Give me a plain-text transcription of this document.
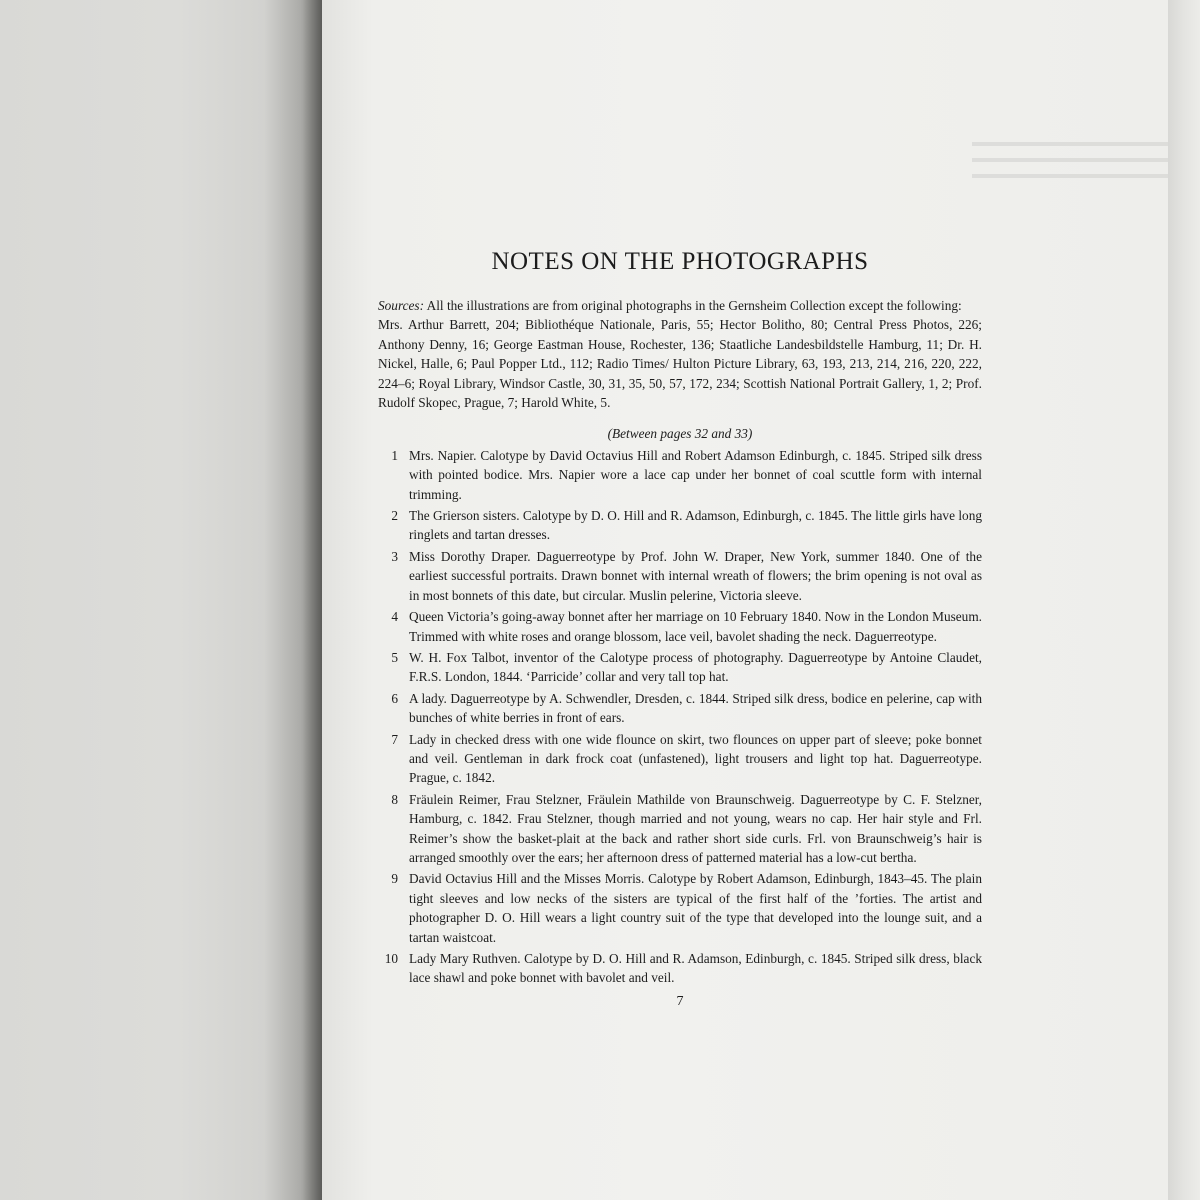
NOTES ON THE PHOTOGRAPHS

Sources: All the illustrations are from original photographs in the Gernsheim Collection except the following:
Mrs. Arthur Barrett, 204; Bibliothéque Nationale, Paris, 55; Hector Bolitho, 80; Central Press Photos, 226; Anthony Denny, 16; George Eastman House, Rochester, 136; Staatliche Landesbildstelle Hamburg, 11; Dr. H. Nickel, Halle, 6; Paul Popper Ltd., 112; Radio Times/ Hulton Picture Library, 63, 193, 213, 214, 216, 220, 222, 224–6; Royal Library, Windsor Castle, 30, 31, 35, 50, 57, 172, 234; Scottish National Portrait Gallery, 1, 2; Prof. Rudolf Skopec, Prague, 7; Harold White, 5.

(Between pages 32 and 33)

1 Mrs. Napier. Calotype by David Octavius Hill and Robert Adamson Edinburgh, c. 1845. Striped silk dress with pointed bodice. Mrs. Napier wore a lace cap under her bonnet of coal scuttle form with internal trimming.
2 The Grierson sisters. Calotype by D. O. Hill and R. Adamson, Edinburgh, c. 1845. The little girls have long ringlets and tartan dresses.
3 Miss Dorothy Draper. Daguerreotype by Prof. John W. Draper, New York, summer 1840. One of the earliest successful portraits. Drawn bonnet with internal wreath of flowers; the brim opening is not oval as in most bonnets of this date, but circular. Muslin pelerine, Victoria sleeve.
4 Queen Victoria’s going-away bonnet after her marriage on 10 February 1840. Now in the London Museum. Trimmed with white roses and orange blossom, lace veil, bavolet shading the neck. Daguerreotype.
5 W. H. Fox Talbot, inventor of the Calotype process of photography. Daguerreotype by Antoine Claudet, F.R.S. London, 1844. ‘Parricide’ collar and very tall top hat.
6 A lady. Daguerreotype by A. Schwendler, Dresden, c. 1844. Striped silk dress, bodice en pelerine, cap with bunches of white berries in front of ears.
7 Lady in checked dress with one wide flounce on skirt, two flounces on upper part of sleeve; poke bonnet and veil. Gentleman in dark frock coat (unfastened), light trousers and light top hat. Daguerreotype. Prague, c. 1842.
8 Fräulein Reimer, Frau Stelzner, Fräulein Mathilde von Braunschweig. Daguerreotype by C. F. Stelzner, Hamburg, c. 1842. Frau Stelzner, though married and not young, wears no cap. Her hair style and Frl. Reimer’s show the basket-plait at the back and rather short side curls. Frl. von Braunschweig’s hair is arranged smoothly over the ears; her afternoon dress of patterned material has a low-cut bertha.
9 David Octavius Hill and the Misses Morris. Calotype by Robert Adamson, Edinburgh, 1843–45. The plain tight sleeves and low necks of the sisters are typical of the first half of the ’forties. The artist and photographer D. O. Hill wears a light country suit of the type that developed into the lounge suit, and a tartan waistcoat.
10 Lady Mary Ruthven. Calotype by D. O. Hill and R. Adamson, Edinburgh, c. 1845. Striped silk dress, black lace shawl and poke bonnet with bavolet and veil.
7
